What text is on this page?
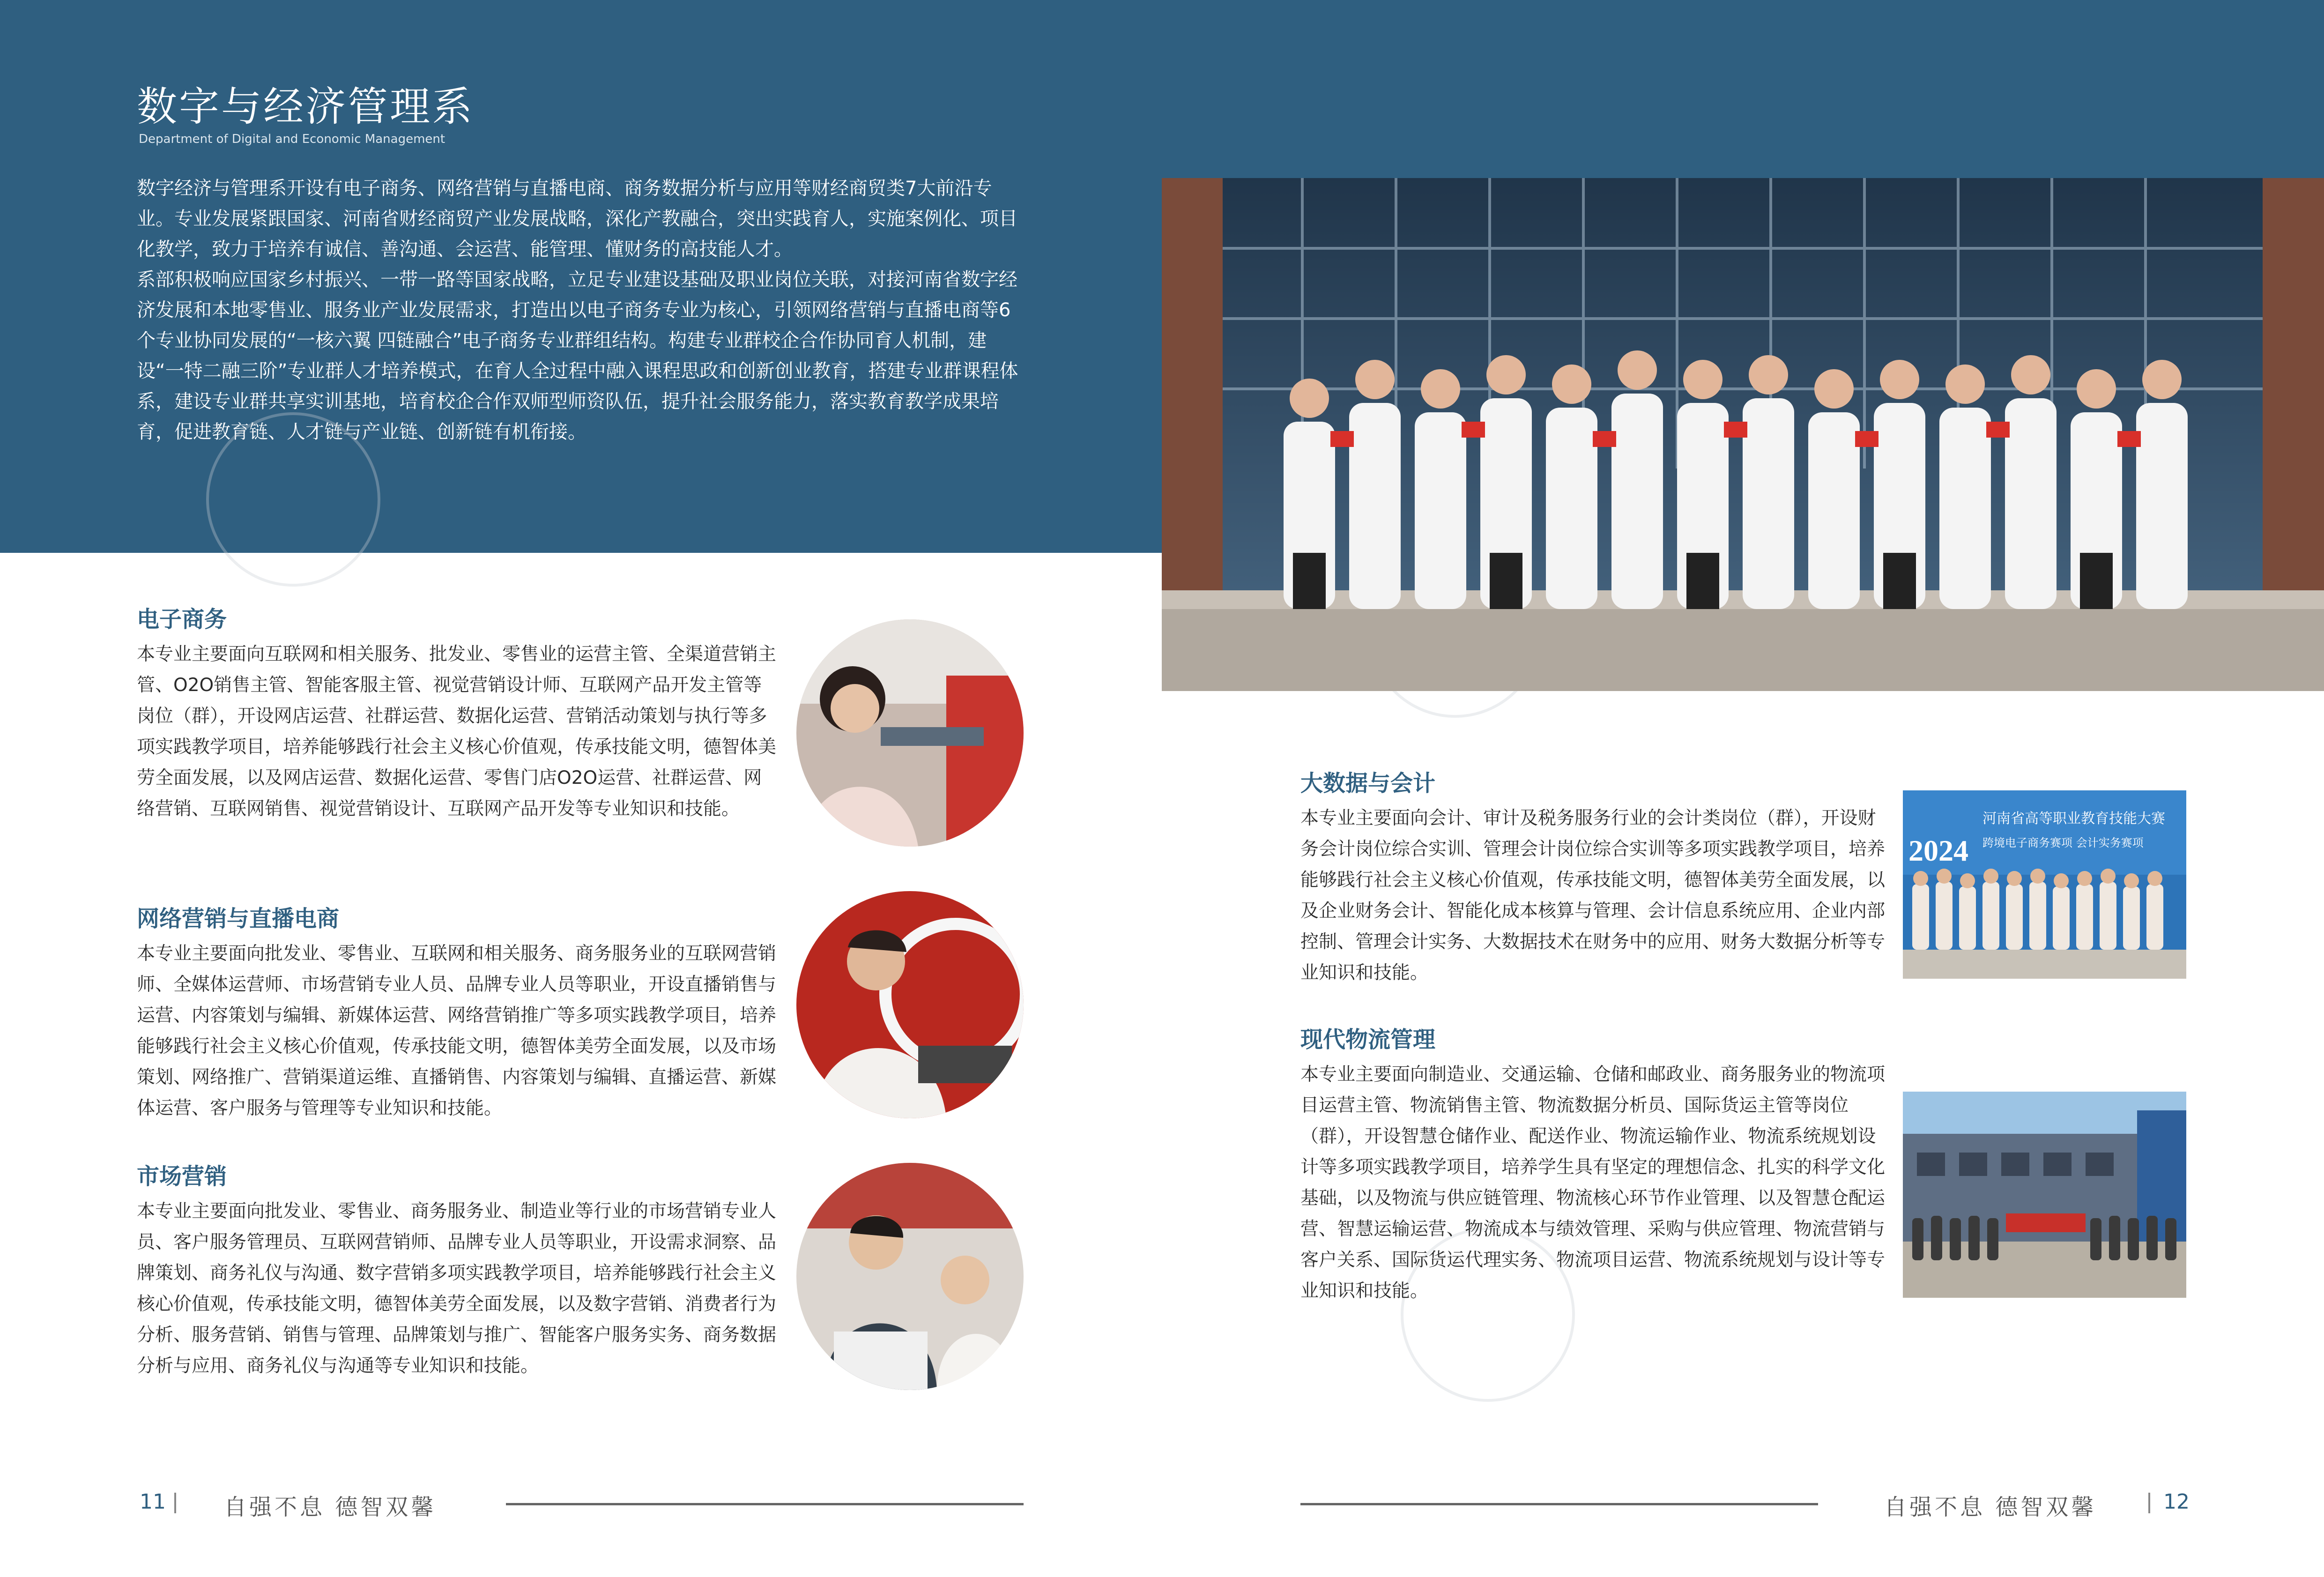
数字与经济管理系
Department of Digital and Economic Management

数字经济与管理系开设有电子商务、网络营销与直播电商、商务数据分析与应用等财经商贸类7大前沿专业。专业发展紧跟国家、河南省财经商贸产业发展战略，深化产教融合，突出实践育人，实施案例化、项目化教学，致力于培养有诚信、善沟通、会运营、能管理、懂财务的高技能人才。

系部积极响应国家乡村振兴、一带一路等国家战略，立足专业建设基础及职业岗位关联，对接河南省数字经济发展和本地零售业、服务业产业发展需求，打造出以电子商务专业为核心，引领网络营销与直播电商等6个专业协同发展的“一核六翼 四链融合”电子商务专业群组结构。构建专业群校企合作协同育人机制，建设“一特二融三阶”专业群人才培养模式，在育人全过程中融入课程思政和创新创业教育，搭建专业群课程体系，建设专业群共享实训基地，培育校企合作双师型师资队伍，提升社会服务能力，落实教育教学成果培育，促进教育链、人才链与产业链、创新链有机衔接。

电子商务

本专业主要面向互联网和相关服务、批发业、零售业的运营主管、全渠道营销主管、O2O销售主管、智能客服主管、视觉营销设计师、互联网产品开发主管等岗位（群），开设网店运营、社群运营、数据化运营、营销活动策划与执行等多项实践教学项目，培养能够践行社会主义核心价值观，传承技能文明，德智体美劳全面发展，以及网店运营、数据化运营、零售门店O2O运营、社群运营、网络营销、互联网销售、视觉营销设计、互联网产品开发等专业知识和技能。

网络营销与直播电商

本专业主要面向批发业、零售业、互联网和相关服务、商务服务业的互联网营销师、全媒体运营师、市场营销专业人员、品牌专业人员等职业，开设直播销售与运营、内容策划与编辑、新媒体运营、网络营销推广等多项实践教学项目，培养能够践行社会主义核心价值观，传承技能文明，德智体美劳全面发展，以及市场策划、网络推广、营销渠道运维、直播销售、内容策划与编辑、直播运营、新媒体运营、客户服务与管理等专业知识和技能。

市场营销

本专业主要面向批发业、零售业、商务服务业、制造业等行业的市场营销专业人员、客户服务管理员、互联网营销师、品牌专业人员等职业，开设需求洞察、品牌策划、商务礼仪与沟通、数字营销多项实践教学项目，培养能够践行社会主义核心价值观，传承技能文明，德智体美劳全面发展，以及数字营销、消费者行为分析、服务营销、销售与管理、品牌策划与推广、智能客户服务实务、商务数据分析与应用、商务礼仪与沟通等专业知识和技能。

大数据与会计

本专业主要面向会计、审计及税务服务行业的会计类岗位（群），开设财务会计岗位综合实训、管理会计岗位综合实训等多项实践教学项目，培养能够践行社会主义核心价值观，传承技能文明，德智体美劳全面发展，以及企业财务会计、智能化成本核算与管理、会计信息系统应用、企业内部控制、管理会计实务、大数据技术在财务中的应用、财务大数据分析等专业知识和技能。

2024
河南省高等职业教育技能大赛
跨境电子商务赛项 会计实务赛项
现代物流管理

本专业主要面向制造业、交通运输、仓储和邮政业、商务服务业的物流项目运营主管、物流销售主管、物流数据分析员、国际货运主管等岗位（群），开设智慧仓储作业、配送作业、物流运输作业、物流系统规划设计等多项实践教学项目，培养学生具有坚定的理想信念、扎实的科学文化基础，以及物流与供应链管理、物流核心环节作业管理、以及智慧仓配运营、智慧运输运营、物流成本与绩效管理、采购与供应管理、物流营销与客户关系、国际货运代理实务、物流项目运营、物流系统规划与设计等专业知识和技能。

11	自强不息 德智双馨	自强不息 德智双馨	12
